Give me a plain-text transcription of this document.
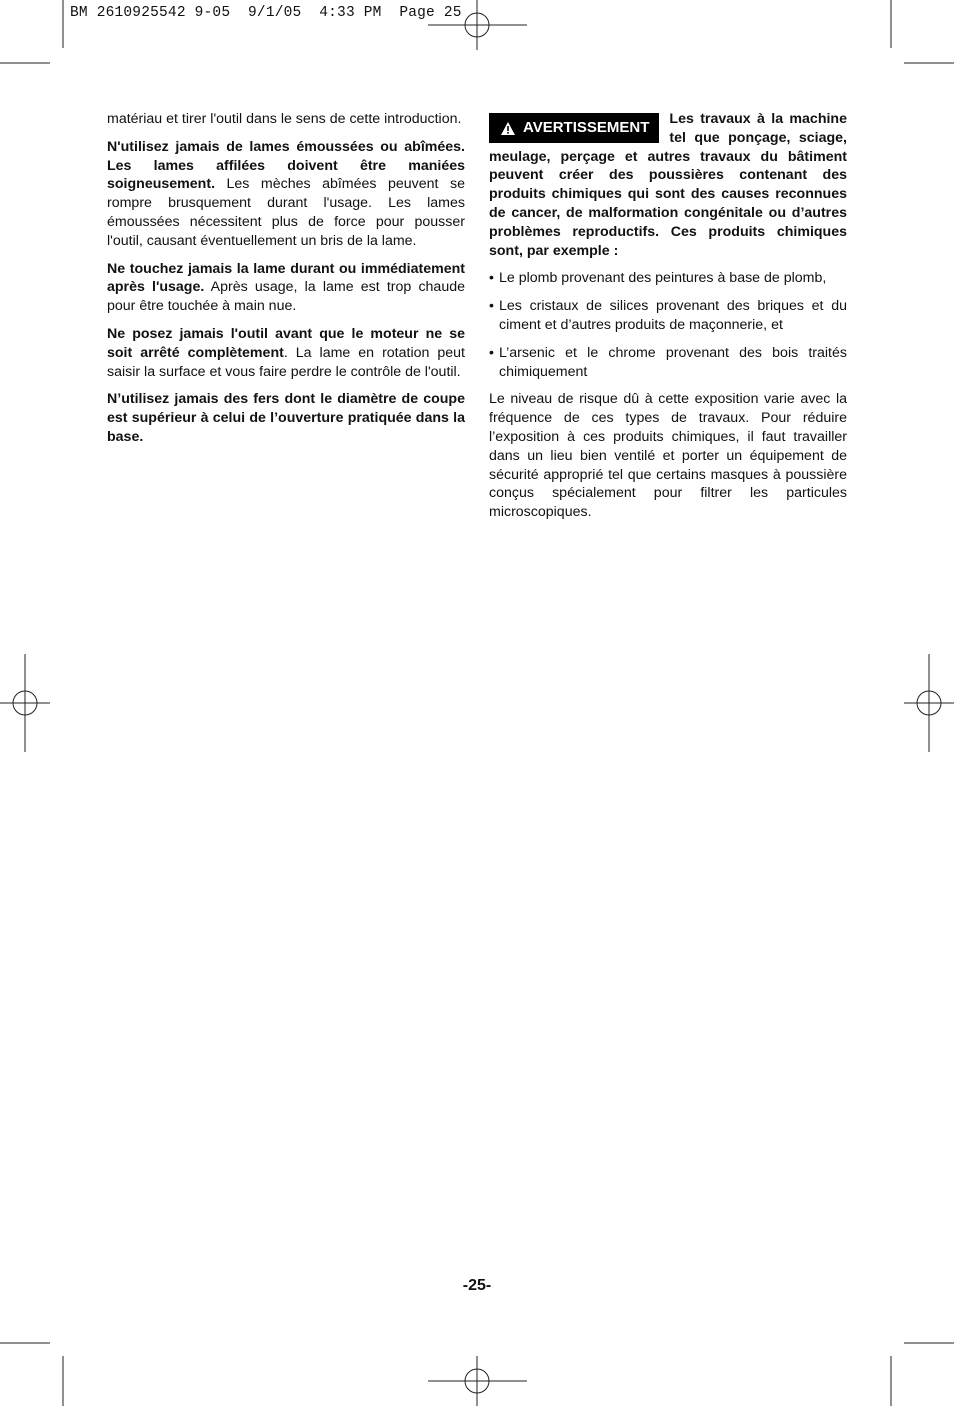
BM 2610925542 9-05  9/1/05  4:33 PM  Page 25

matériau et tirer l'outil dans le sens de cette introduction.

N'utilisez jamais de lames émoussées ou abîmées. Les lames affilées doivent être maniées soigneusement. Les mèches abîmées peuvent se rompre brusquement durant l'usage. Les lames émoussées nécessitent plus de force pour pousser l'outil, causant éventuellement un bris de la lame.

Ne touchez jamais la lame durant ou immédiatement après l'usage. Après usage, la lame est trop chaude pour être touchée à main nue.

Ne posez jamais l'outil avant que le moteur ne se soit arrêté complètement. La lame en rotation peut saisir la surface et vous faire perdre le contrôle de l'outil.

N’utilisez jamais des fers dont le diamètre de coupe est supérieur à celui de l’ouverture pratiquée dans la base.

AVERTISSEMENT	Les travaux à la machine tel que ponçage, sciage, meulage, perçage et autres travaux du bâtiment peuvent créer des poussières contenant des produits chimiques qui sont des causes reconnues de cancer, de malformation congénitale ou d’autres problèmes reproductifs. Ces produits chimiques sont, par exemple :

• Le plomb provenant des peintures à base de plomb,
• Les cristaux de silices provenant des briques et du ciment et d’autres produits de maçonnerie, et
• L’arsenic et le chrome provenant des bois traités chimiquement

Le niveau de risque dû à cette exposition varie avec la fréquence de ces types de travaux. Pour réduire l’exposition à ces produits chimiques, il faut travailler dans un lieu bien ventilé et porter un équipement de sécurité approprié tel que certains masques à poussière conçus spécialement pour filtrer les particules microscopiques.

-25-
